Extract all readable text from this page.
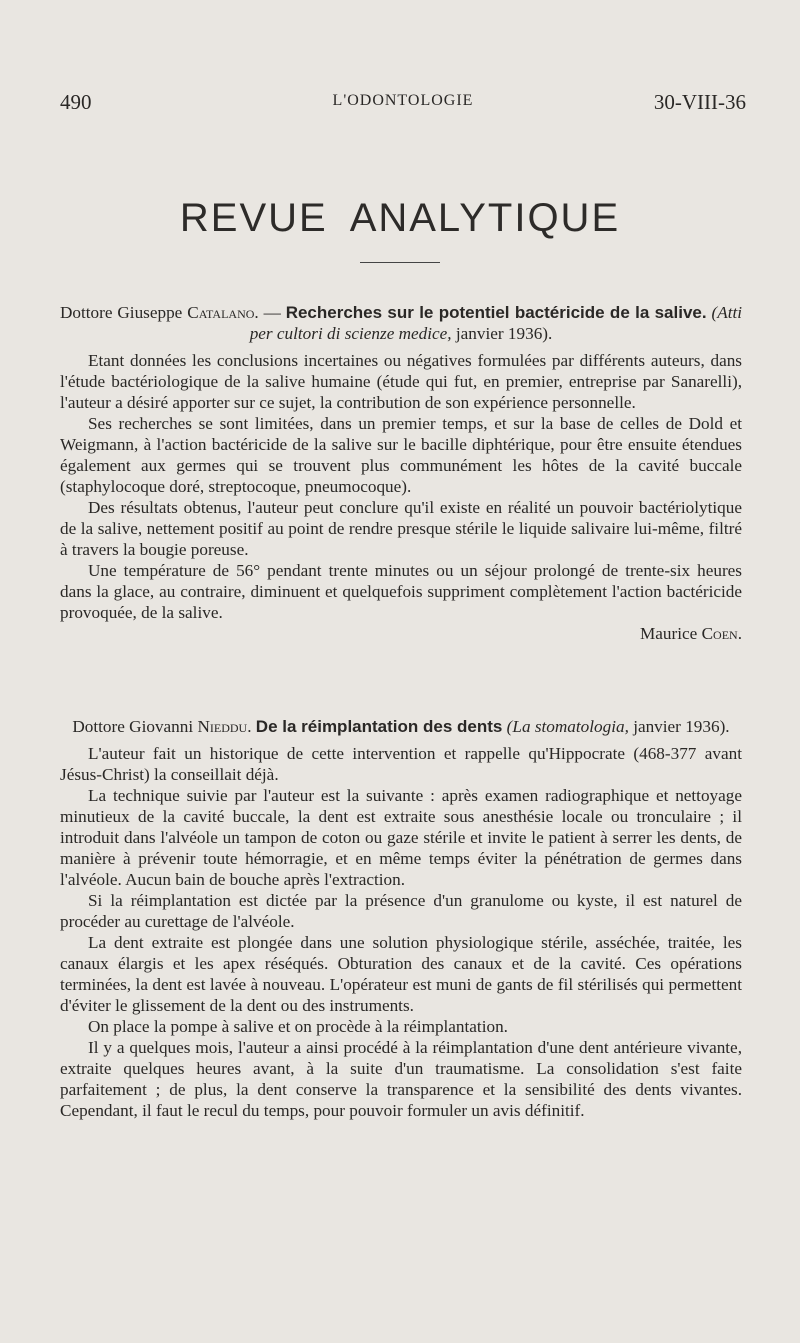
490	L'ODONTOLOGIE	30-VIII-36
REVUE ANALYTIQUE
Dottore Giuseppe Catalano. — Recherches sur le potentiel bactéricide de la salive. (Atti per cultori di scienze medice, janvier 1936).

Etant données les conclusions incertaines ou négatives formulées par différents auteurs, dans l'étude bactériologique de la salive humaine (étude qui fut, en premier, entreprise par Sanarelli), l'auteur a désiré apporter sur ce sujet, la contribution de son expérience personnelle.

Ses recherches se sont limitées, dans un premier temps, et sur la base de celles de Dold et Weigmann, à l'action bactéricide de la salive sur le bacille diphtérique, pour être ensuite étendues également aux germes qui se trouvent plus communément les hôtes de la cavité buccale (staphylocoque doré, streptocoque, pneumocoque).

Des résultats obtenus, l'auteur peut conclure qu'il existe en réalité un pouvoir bactériolytique de la salive, nettement positif au point de rendre presque stérile le liquide salivaire lui-même, filtré à travers la bougie poreuse.

Une température de 56° pendant trente minutes ou un séjour prolongé de trente-six heures dans la glace, au contraire, diminuent et quelquefois suppriment complètement l'action bactéricide provoquée, de la salive.

Maurice Coen.
Dottore Giovanni Nieddu. De la réimplantation des dents (La stomatologia, janvier 1936).

L'auteur fait un historique de cette intervention et rappelle qu'Hippocrate (468-377 avant Jésus-Christ) la conseillait déjà.

La technique suivie par l'auteur est la suivante : après examen radiographique et nettoyage minutieux de la cavité buccale, la dent est extraite sous anesthésie locale ou tronculaire ; il introduit dans l'alvéole un tampon de coton ou gaze stérile et invite le patient à serrer les dents, de manière à prévenir toute hémorragie, et en même temps éviter la pénétration de germes dans l'alvéole. Aucun bain de bouche après l'extraction.

Si la réimplantation est dictée par la présence d'un granulome ou kyste, il est naturel de procéder au curettage de l'alvéole.

La dent extraite est plongée dans une solution physiologique stérile, asséchée, traitée, les canaux élargis et les apex réséqués. Obturation des canaux et de la cavité. Ces opérations terminées, la dent est lavée à nouveau. L'opérateur est muni de gants de fil stérilisés qui permettent d'éviter le glissement de la dent ou des instruments.

On place la pompe à salive et on procède à la réimplantation.

Il y a quelques mois, l'auteur a ainsi procédé à la réimplantation d'une dent antérieure vivante, extraite quelques heures avant, à la suite d'un traumatisme. La consolidation s'est faite parfaitement ; de plus, la dent conserve la transparence et la sensibilité des dents vivantes. Cependant, il faut le recul du temps, pour pouvoir formuler un avis définitif.
